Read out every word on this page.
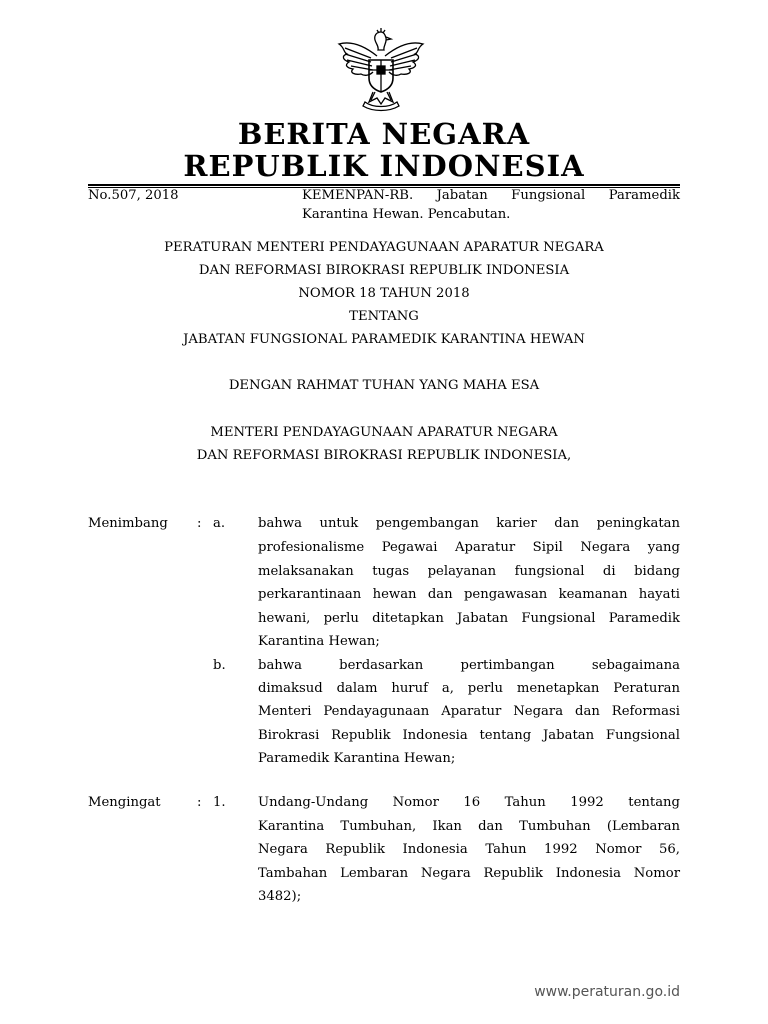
BERITA NEGARA
REPUBLIK INDONESIA
No.507, 2018	KEMENPAN-RB. Jabatan Fungsional Paramedik
Karantina Hewan. Pencabutan.
PERATURAN MENTERI PENDAYAGUNAAN APARATUR NEGARA
DAN REFORMASI BIROKRASI REPUBLIK INDONESIA
NOMOR 18 TAHUN 2018
TENTANG
JABATAN FUNGSIONAL PARAMEDIK KARANTINA HEWAN
DENGAN RAHMAT TUHAN YANG MAHA ESA
MENTERI PENDAYAGUNAAN APARATUR NEGARA
DAN REFORMASI BIROKRASI REPUBLIK INDONESIA,
Menimbang : a. bahwa untuk pengembangan karier dan peningkatan
profesionalisme Pegawai Aparatur Sipil Negara yang
melaksanakan tugas pelayanan fungsional di bidang
perkarantinaan hewan dan pengawasan keamanan hayati
hewani, perlu ditetapkan Jabatan Fungsional Paramedik
Karantina Hewan;
b. bahwa berdasarkan pertimbangan sebagaimana
dimaksud dalam huruf a, perlu menetapkan Peraturan
Menteri Pendayagunaan Aparatur Negara dan Reformasi
Birokrasi Republik Indonesia tentang Jabatan Fungsional
Paramedik Karantina Hewan;
Mengingat	: 1. Undang-Undang Nomor 16 Tahun 1992 tentang
Karantina Tumbuhan, Ikan dan Tumbuhan (Lembaran
Negara Republik Indonesia Tahun 1992 Nomor 56,
Tambahan Lembaran Negara Republik Indonesia Nomor
3482);
www.peraturan.go.id
